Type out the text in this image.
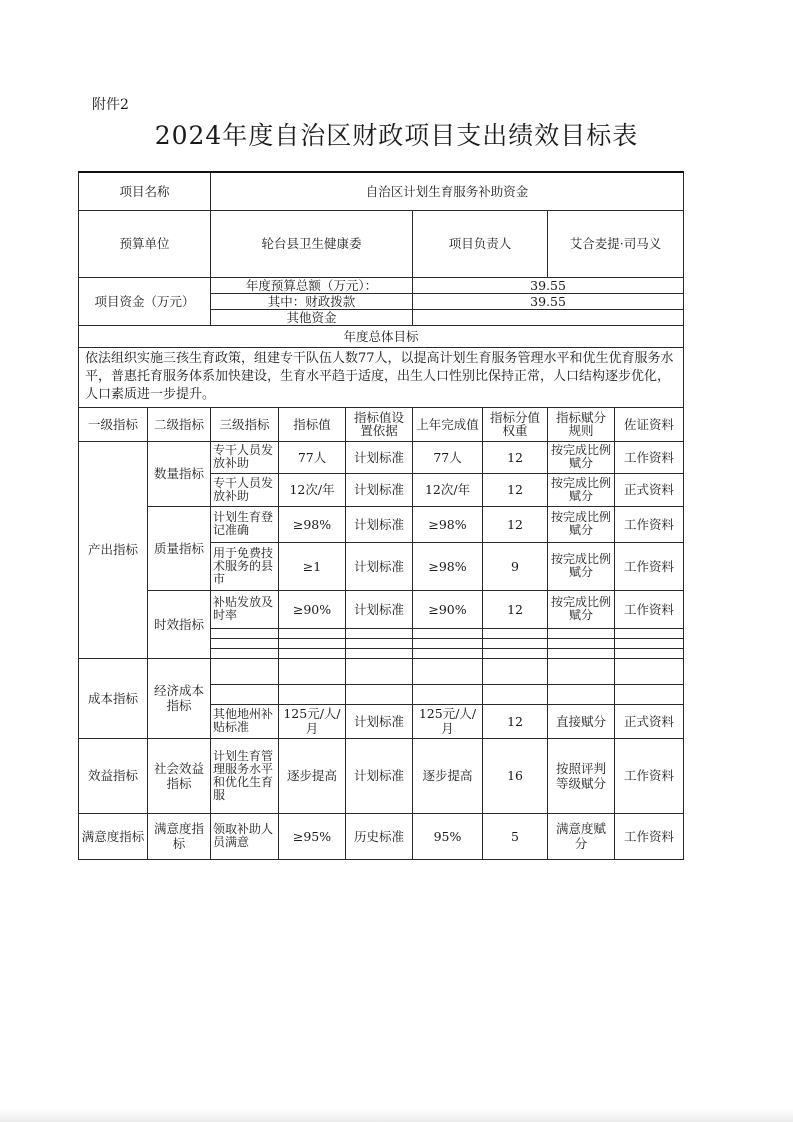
附件2
2024年度自治区财政项目支出绩效目标表
项目名称		自治区计划生育服务补助资金						
预算单位		轮台县卫生健康委			项目负责人		艾合麦提·司马义	
项目资金（万元）		年度预算总额（万元）：			39.55			
		其中：财政拨款			39.55			
		其他资金						
年度总体目标								
依法组织实施三孩生育政策，组建专干队伍人数77人，以提高计划生育服务管理水平和优生优育服务水平，普惠托育服务体系加快建设，生育水平趋于适度，出生人口性别比保持正常，人口结构逐步优化，人口素质进一步提升。								
一级指标	二级指标	三级指标	指标值	指标值设置依据	上年完成值	指标分值权重	指标赋分规则	佐证资料
产出指标	数量指标	专干人员发放补助	77人	计划标准	77人	12	按完成比例赋分	工作资料
		专干人员发放补助	12次/年	计划标准	12次/年	12	按完成比例赋分	正式资料
	质量指标	计划生育登记准确	≥98%	计划标准	≥98%	12	按完成比例赋分	工作资料
		用于免费技术服务的县市	≥1	计划标准	≥98%	9	按完成比例赋分	工作资料
	时效指标	补贴发放及时率	≥90%	计划标准	≥90%	12	按完成比例赋分	工作资料

成本指标	经济成本指标							

		其他地州补贴标准	125元/人/月	计划标准	125元/人/月	12	直接赋分	正式资料
效益指标	社会效益指标	计划生育管理服务水平和优化生育服	逐步提高	计划标准	逐步提高	16	按照评判等级赋分	工作资料
满意度指标	满意度指标	领取补助人员满意	≥95%	历史标准	95%	5	满意度赋分	工作资料
